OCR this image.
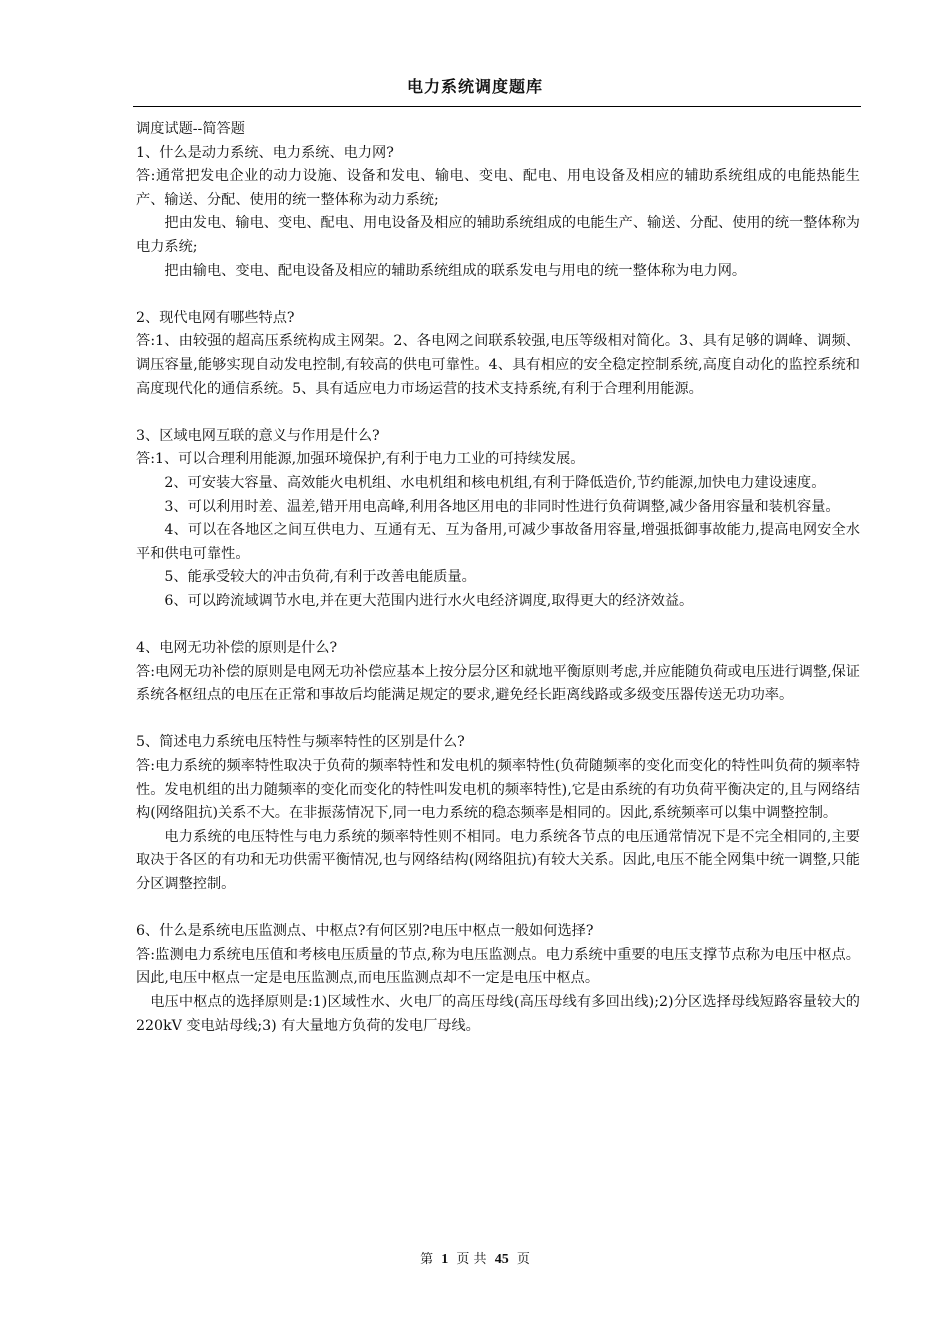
电力系统调度题库

调度试题--简答题

1、什么是动力系统、电力系统、电力网?

答:通常把发电企业的动力设施、设备和发电、输电、变电、配电、用电设备及相应的辅助系统组成的电能热能生产、输送、分配、使用的统一整体称为动力系统;

把由发电、输电、变电、配电、用电设备及相应的辅助系统组成的电能生产、输送、分配、使用的统一整体称为电力系统;

把由输电、变电、配电设备及相应的辅助系统组成的联系发电与用电的统一整体称为电力网。

2、现代电网有哪些特点?

答:1、由较强的超高压系统构成主网架。2、各电网之间联系较强,电压等级相对简化。3、具有足够的调峰、调频、调压容量,能够实现自动发电控制,有较高的供电可靠性。4、具有相应的安全稳定控制系统,高度自动化的监控系统和高度现代化的通信系统。5、具有适应电力市场运营的技术支持系统,有利于合理利用能源。

3、区域电网互联的意义与作用是什么?

答:1、可以合理利用能源,加强环境保护,有利于电力工业的可持续发展。

2、可安装大容量、高效能火电机组、水电机组和核电机组,有利于降低造价,节约能源,加快电力建设速度。

3、可以利用时差、温差,错开用电高峰,利用各地区用电的非同时性进行负荷调整,减少备用容量和装机容量。

4、可以在各地区之间互供电力、互通有无、互为备用,可减少事故备用容量,增强抵御事故能力,提高电网安全水平和供电可靠性。

5、能承受较大的冲击负荷,有利于改善电能质量。

6、可以跨流域调节水电,并在更大范围内进行水火电经济调度,取得更大的经济效益。

4、电网无功补偿的原则是什么?

答:电网无功补偿的原则是电网无功补偿应基本上按分层分区和就地平衡原则考虑,并应能随负荷或电压进行调整,保证系统各枢纽点的电压在正常和事故后均能满足规定的要求,避免经长距离线路或多级变压器传送无功功率。

5、简述电力系统电压特性与频率特性的区别是什么?

答:电力系统的频率特性取决于负荷的频率特性和发电机的频率特性(负荷随频率的变化而变化的特性叫负荷的频率特性。发电机组的出力随频率的变化而变化的特性叫发电机的频率特性),它是由系统的有功负荷平衡决定的,且与网络结构(网络阻抗)关系不大。在非振荡情况下,同一电力系统的稳态频率是相同的。因此,系统频率可以集中调整控制。

电力系统的电压特性与电力系统的频率特性则不相同。电力系统各节点的电压通常情况下是不完全相同的,主要取决于各区的有功和无功供需平衡情况,也与网络结构(网络阻抗)有较大关系。因此,电压不能全网集中统一调整,只能分区调整控制。

6、什么是系统电压监测点、中枢点?有何区别?电压中枢点一般如何选择?

答:监测电力系统电压值和考核电压质量的节点,称为电压监测点。电力系统中重要的电压支撑节点称为电压中枢点。因此,电压中枢点一定是电压监测点,而电压监测点却不一定是电压中枢点。

电压中枢点的选择原则是:1)区域性水、火电厂的高压母线(高压母线有多回出线);2)分区选择母线短路容量较大的 220kV 变电站母线;3) 有大量地方负荷的发电厂母线。

第 1 页 共 45 页
